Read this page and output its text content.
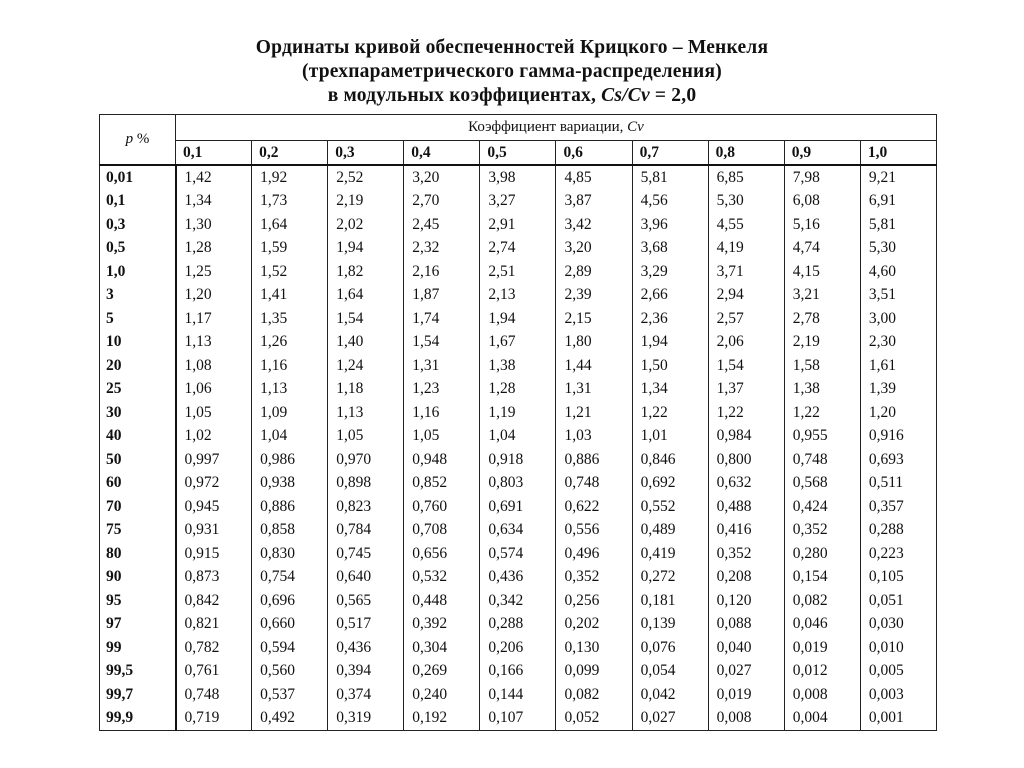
Ординаты кривой обеспеченностей Крицкого – Менкеля
(трехпараметрического гамма-распределения)
в модульных коэффициентах, Cs/Cv = 2,0
p %	Коэффициент вариации, Cv									
	0,1	0,2	0,3	0,4	0,5	0,6	0,7	0,8	0,9	1,0
0,01	1,42	1,92	2,52	3,20	3,98	4,85	5,81	6,85	7,98	9,21
0,1	1,34	1,73	2,19	2,70	3,27	3,87	4,56	5,30	6,08	6,91
0,3	1,30	1,64	2,02	2,45	2,91	3,42	3,96	4,55	5,16	5,81
0,5	1,28	1,59	1,94	2,32	2,74	3,20	3,68	4,19	4,74	5,30
1,0	1,25	1,52	1,82	2,16	2,51	2,89	3,29	3,71	4,15	4,60
3	1,20	1,41	1,64	1,87	2,13	2,39	2,66	2,94	3,21	3,51
5	1,17	1,35	1,54	1,74	1,94	2,15	2,36	2,57	2,78	3,00
10	1,13	1,26	1,40	1,54	1,67	1,80	1,94	2,06	2,19	2,30
20	1,08	1,16	1,24	1,31	1,38	1,44	1,50	1,54	1,58	1,61
25	1,06	1,13	1,18	1,23	1,28	1,31	1,34	1,37	1,38	1,39
30	1,05	1,09	1,13	1,16	1,19	1,21	1,22	1,22	1,22	1,20
40	1,02	1,04	1,05	1,05	1,04	1,03	1,01	0,984	0,955	0,916
50	0,997	0,986	0,970	0,948	0,918	0,886	0,846	0,800	0,748	0,693
60	0,972	0,938	0,898	0,852	0,803	0,748	0,692	0,632	0,568	0,511
70	0,945	0,886	0,823	0,760	0,691	0,622	0,552	0,488	0,424	0,357
75	0,931	0,858	0,784	0,708	0,634	0,556	0,489	0,416	0,352	0,288
80	0,915	0,830	0,745	0,656	0,574	0,496	0,419	0,352	0,280	0,223
90	0,873	0,754	0,640	0,532	0,436	0,352	0,272	0,208	0,154	0,105
95	0,842	0,696	0,565	0,448	0,342	0,256	0,181	0,120	0,082	0,051
97	0,821	0,660	0,517	0,392	0,288	0,202	0,139	0,088	0,046	0,030
99	0,782	0,594	0,436	0,304	0,206	0,130	0,076	0,040	0,019	0,010
99,5	0,761	0,560	0,394	0,269	0,166	0,099	0,054	0,027	0,012	0,005
99,7	0,748	0,537	0,374	0,240	0,144	0,082	0,042	0,019	0,008	0,003
99,9	0,719	0,492	0,319	0,192	0,107	0,052	0,027	0,008	0,004	0,001
